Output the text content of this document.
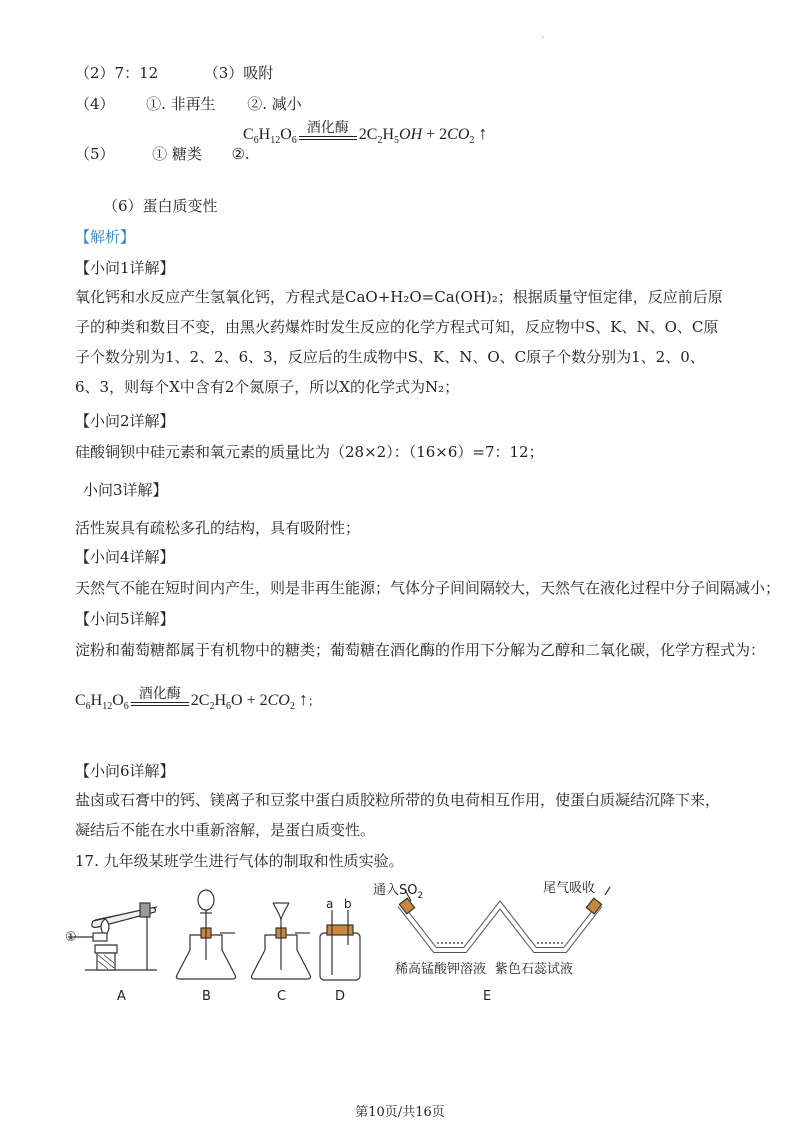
.
（2）7：12	（3）吸附
（4） ①. 非再生 ②. 减小
（5）	① 糖类 ②.
$C_6H_{12}O_6$
酒化酶 $2C_2H_5OH + 2CO_2$ ↑
（6）蛋白质变性
【解析】
【小问1详解】
氧化钙和水反应产生氢氧化钙，方程式是CaO+H₂O=Ca(OH)₂；根据质量守恒定律，反应前后原子的种类和数目不变，由黑火药爆炸时发生反应的化学方程式可知，反应物中S、K、N、O、C原子个数分别为1、2、2、6、3，反应后的生成物中S、K、N、O、C原子个数分别为1、2、0、6、3，则每个X中含有2个氮原子，所以X的化学式为N₂；
【小问2详解】
硅酸铜钡中硅元素和氧元素的质量比为（28×2）：（16×6）=7：12；
小问3详解】
活性炭具有疏松多孔的结构，具有吸附性；
【小问4详解】
天然气不能在短时间内产生，则是非再生能源；气体分子间间隔较大，天然气在液化过程中分子间隔减小；
【小问5详解】
淀粉和葡萄糖都属于有机物中的糖类；葡萄糖在酒化酶的作用下分解为乙醇和二氧化碳，化学方程式为：
$C_6H_{12}O_6$
酒化酶 $2C_2H_6O + 2CO_2$ ↑；
【小问6详解】
盐卤或石膏中的钙、镁离子和豆浆中蛋白质胶粒所带的负电荷相互作用，使蛋白质凝结沉降下来，凝结后不能在水中重新溶解，是蛋白质变性。
17. 九年级某班学生进行气体的制取和性质实验。
①
A	B	C	D	E
a b
通入$SO_2$	尾气吸收
稀高锰酸钾溶液 紫色石蕊试液
第10页/共16页
